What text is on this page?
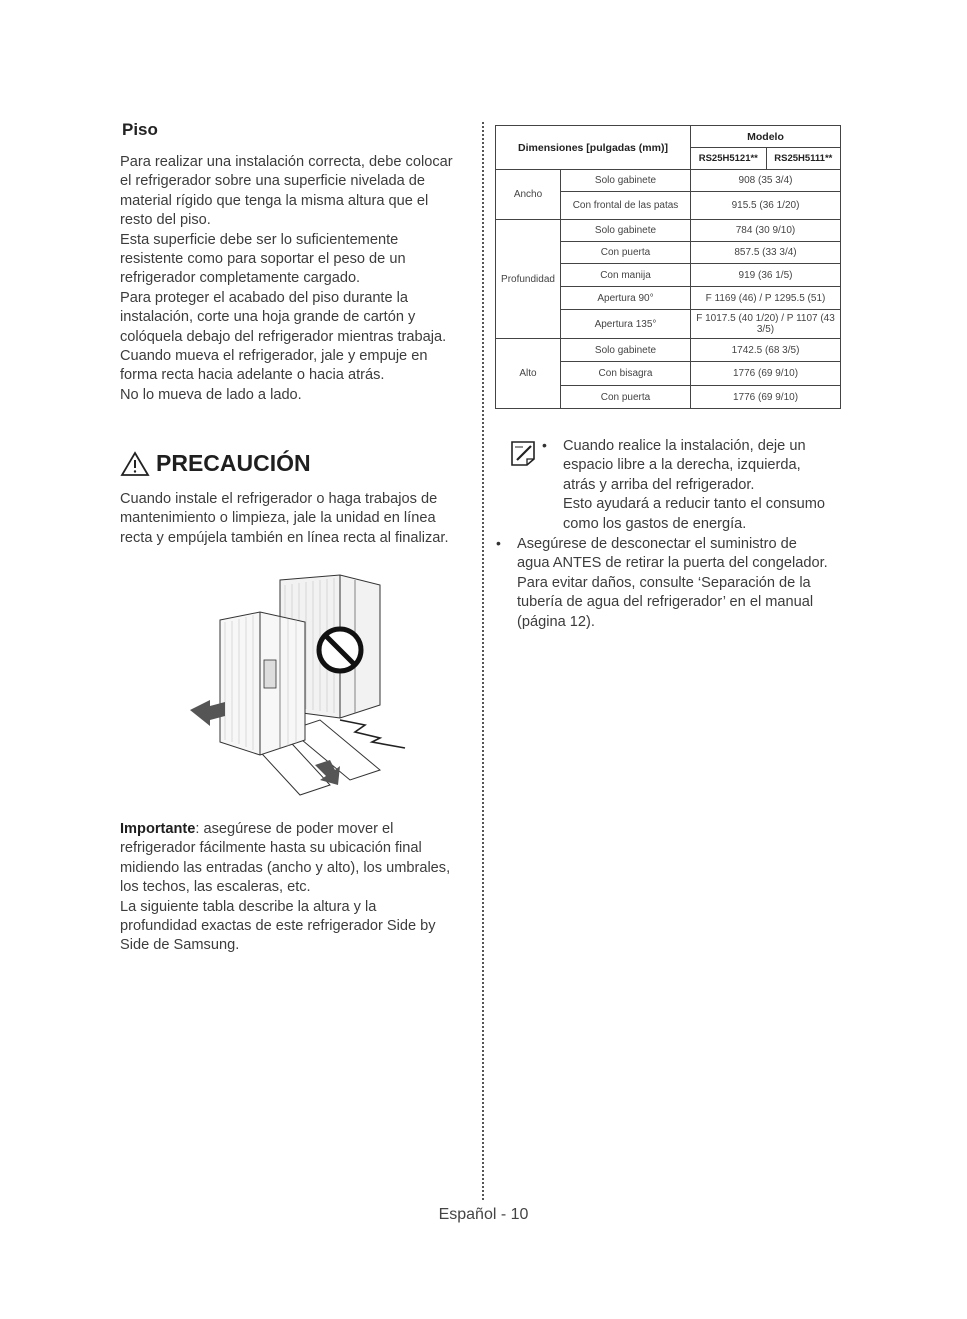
Piso
Para realizar una instalación correcta, debe colocar
el refrigerador sobre una superficie nivelada de
material rígido que tenga la misma altura que el
resto del piso.
Esta superficie debe ser lo suficientemente
resistente como para soportar el peso de un
refrigerador completamente cargado.
Para proteger el acabado del piso durante la
instalación, corte una hoja grande de cartón y
colóquela debajo del refrigerador mientras trabaja.
Cuando mueva el refrigerador, jale y empuje en
forma recta hacia adelante o hacia atrás.
No lo mueva de lado a lado.
PRECAUCIÓN
Cuando instale el refrigerador o haga trabajos de
mantenimiento o limpieza, jale la unidad en línea
recta y empújela también en línea recta al finalizar.
Importante: asegúrese de poder mover el
refrigerador fácilmente hasta su ubicación final
midiendo las entradas (ancho y alto), los umbrales,
los techos, las escaleras, etc.
La siguiente tabla describe la altura y la
profundidad exactas de este refrigerador Side by
Side de Samsung.
Dimensiones [pulgadas (mm)]		Modelo	
		RS25H5121**	RS25H5111**
Ancho	Solo gabinete	908 (35 3/4)	
	Con frontal de las patas	915.5 (36 1/20)	
Profundidad	Solo gabinete	784 (30 9/10)	
	Con puerta	857.5 (33 3/4)	
	Con manija	919 (36 1/5)	
	Apertura 90°	F 1169 (46) / P 1295.5 (51)	
	Apertura 135°	F 1017.5 (40 1/20) / P 1107 (43 3/5)	
Alto	Solo gabinete	1742.5 (68 3/5)	
	Con bisagra	1776 (69 9/10)	
	Con puerta	1776 (69 9/10)	
• Cuando realice la instalación, deje un
espacio libre a la derecha, izquierda,
atrás y arriba del refrigerador.
Esto ayudará a reducir tanto el consumo
como los gastos de energía.
• Asegúrese de desconectar el suministro de
agua ANTES de retirar la puerta del congelador.
Para evitar daños, consulte ‘Separación de la
tubería de agua del refrigerador’ en el manual
(página 12).
Español - 10
